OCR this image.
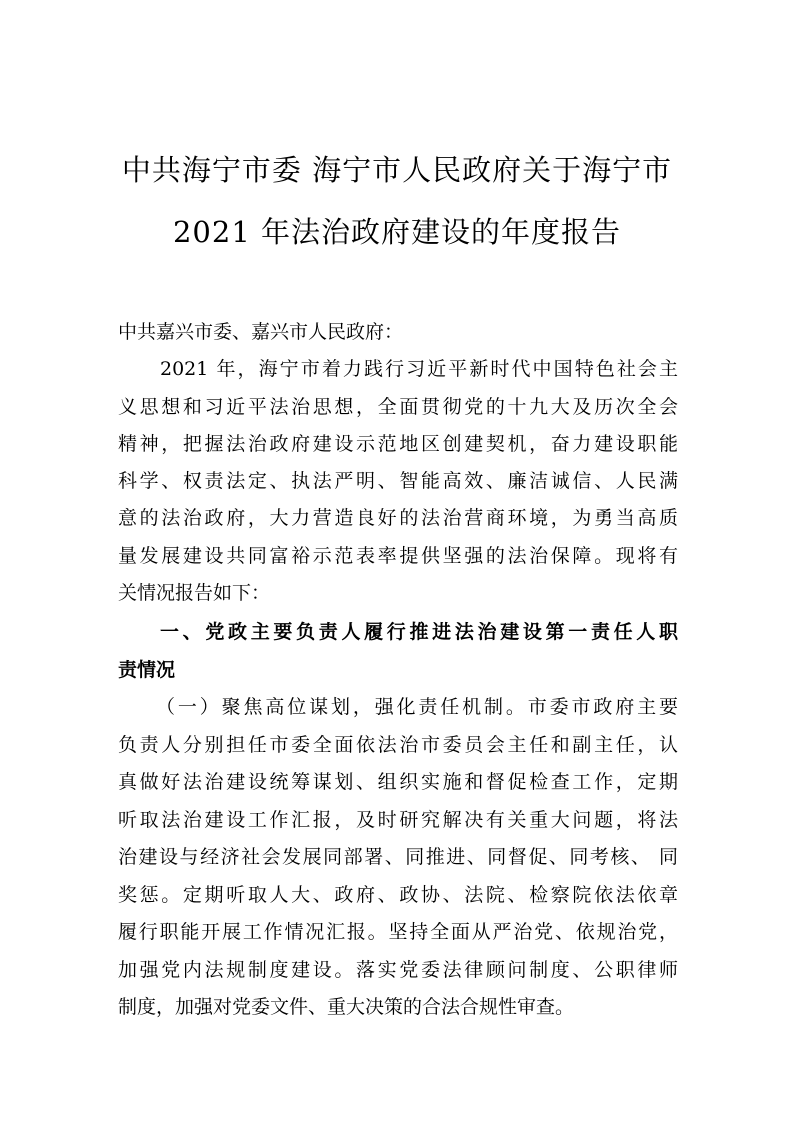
中共海宁市委 海宁市人民政府关于海宁市
2021 年法治政府建设的年度报告
中共嘉兴市委、嘉兴市人民政府：
2021 年，海宁市着力践行习近平新时代中国特色社会主
义思想和习近平法治思想，全面贯彻党的十九大及历次全会
精神，把握法治政府建设示范地区创建契机，奋力建设职能
科学、权责法定、执法严明、智能高效、廉洁诚信、人民满
意的法治政府，大力营造良好的法治营商环境，为勇当高质
量发展建设共同富裕示范表率提供坚强的法治保障。现将有
关情况报告如下：
一、党政主要负责人履行推进法治建设第一责任人职
责情况
（一）聚焦高位谋划，强化责任机制。市委市政府主要
负责人分别担任市委全面依法治市委员会主任和副主任，认
真做好法治建设统筹谋划、组织实施和督促检查工作，定期
听取法治建设工作汇报，及时研究解决有关重大问题，将法
治建设与经济社会发展同部署、同推进、同督促、同考核、 同
奖惩。定期听取人大、政府、政协、法院、检察院依法依章
履行职能开展工作情况汇报。坚持全面从严治党、依规治党，
加强党内法规制度建设。落实党委法律顾问制度、公职律师
制度，加强对党委文件、重大决策的合法合规性审查。
